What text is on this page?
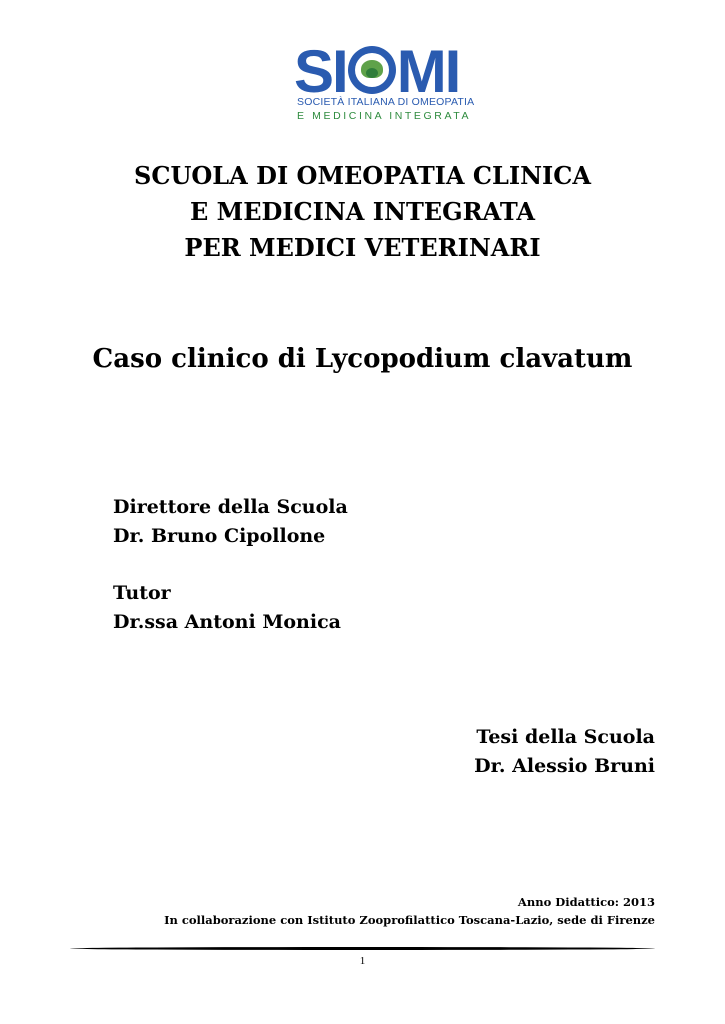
SI MI
SOCIETÀ ITALIANA DI OMEOPATIA
E MEDICINA INTEGRATA
SCUOLA DI OMEOPATIA CLINICA
E MEDICINA INTEGRATA
PER MEDICI VETERINARI
Caso clinico di Lycopodium clavatum
Direttore della Scuola
Dr. Bruno Cipollone
Tutor
Dr.ssa Antoni Monica
Tesi della Scuola
Dr. Alessio Bruni
Anno Didattico: 2013
In collaborazione con Istituto Zooprofilattico Toscana-Lazio, sede di Firenze
1
